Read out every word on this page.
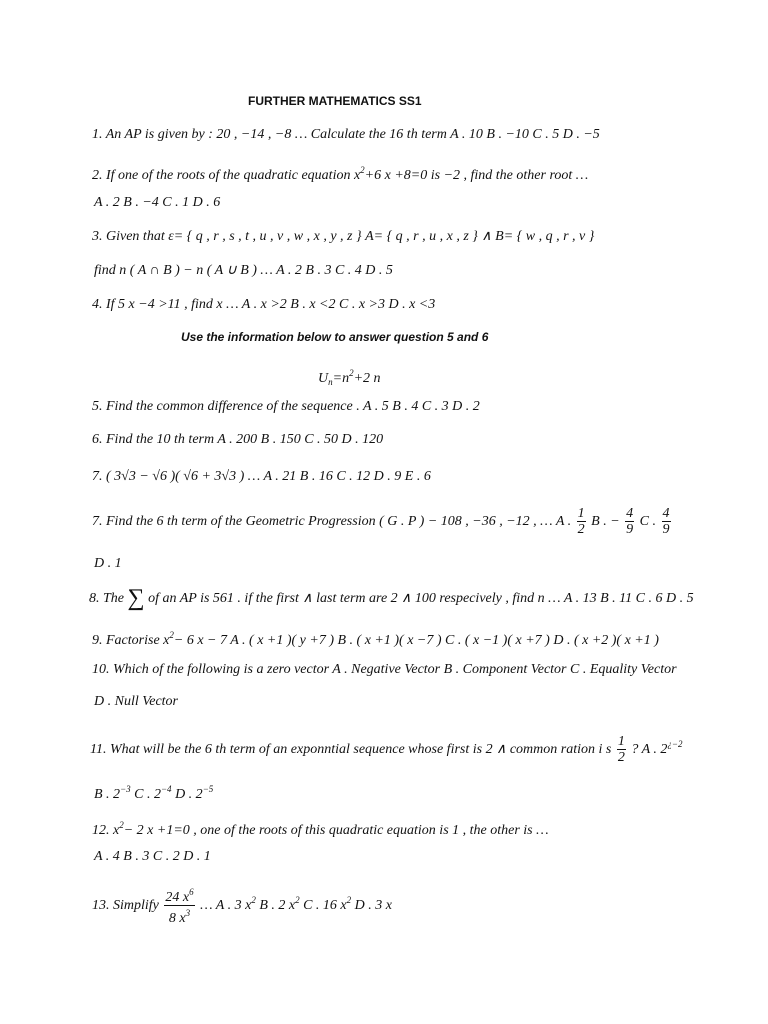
FURTHER MATHEMATICS SS1
1. An AP is given by : 20 , −14 , −8 … Calculate the 16 th term A . 10 B . −10 C . 5 D . −5
2. If one of the roots of the quadratic equation $x^2+6$ x +8=0 is −2 , find the other root …
A . 2 B . −4 C . 1 D . 6
3. Given that ε= { q , r , s , t , u , v , w , x , y , z } A= { q , r , u , x , z } ∧ B= { w , q , r , v }
find n ( A ∩ B ) − n ( A ∪ B ) … A . 2 B . 3 C . 4 D . 5
4. If 5 x −4 >11 , find x … A . x >2 B . x <2 C . x >3 D . x <3
Use the information below to answer question 5 and 6
$U_n=n^2+2$ n
5. Find the common difference of the sequence . A . 5 B . 4 C . 3 D . 2
6. Find the 10 th term A . 200 B . 150 C . 50 D . 120
7. ( 3√3 − √6 )( √6 + 3√3 ) … A . 21 B . 16 C . 12 D . 9 E . 6
7. Find the 6 th term of the Geometric Progression ( G . P ) − 108 , −36 , −12 , … A . $\frac{1}{2}$ B . − $\frac{4}{9}$ C . $\frac{4}{9}$
D . 1
8. The ∑ of an AP is 561 . if the first ∧ last term are 2 ∧ 100 respecively , find n … A . 13 B . 11 C . 6 D . 5
9. Factorise $x^2- 6$ x − 7 A . ( x +1 )( y +7 ) B . ( x +1 )( x −7 ) C . ( x −1 )( x +7 ) D . ( x +2 )( x +1 )
10. Which of the following is a zero vector A . Negative Vector B . Component Vector C . Equality Vector
D . Null Vector
11. What will be the 6 th term of an exponntial sequence whose first is 2 ∧ common ration i s $\frac{1}{2}$ ? A . $2^{¿-2}$
B . $2^{-3}$ C . $2^{-4}$ D . $2^{-5}$
12. $x^2- 2$ x +1=0 , one of the roots of this quadratic equation is 1 , the other is …
A . 4 B . 3 C . 2 D . 1
13. Simplify $\frac{24 x^6}{8 x^3}$ … A . 3 $x^2$ B . 2 $x^2$ C . 16 $x^2$ D . 3 x
